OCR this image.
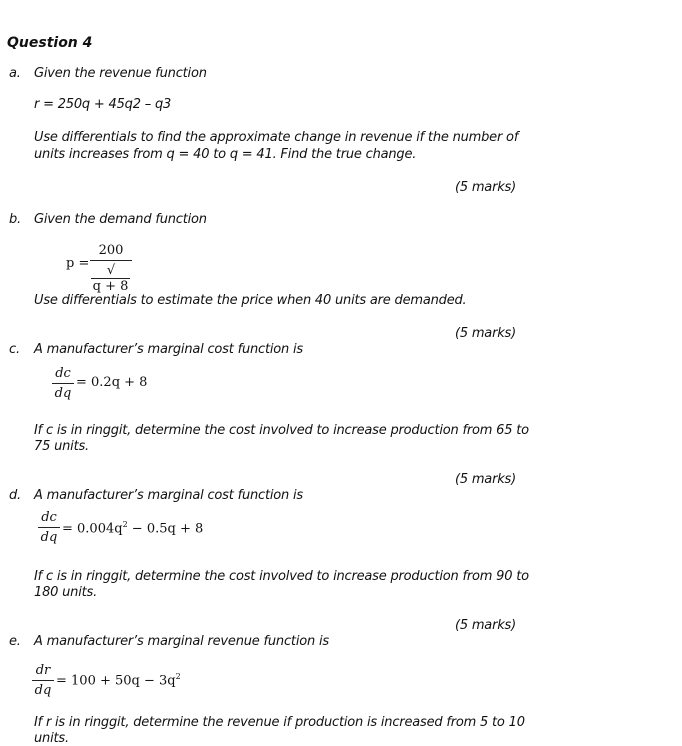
Question 4
a. Given the revenue function
r = 250q + 45q2 – q3
Use differentials to find the approximate change in revenue if the number of
units increases from q = 40 to q = 41. Find the true change.
(5 marks)
b. Given the demand function
p =
200
√q + 8
Use differentials to estimate the price when 40 units are demanded.
(5 marks)
c. A manufacturer’s marginal cost function is
dc
dq
= 0.2q + 8
If c is in ringgit, determine the cost involved to increase production from 65 to
75 units.
(5 marks)
d. A manufacturer’s marginal cost function is
dc
dq
= $0.004q^2 - 0.5q + 8$
If c is in ringgit, determine the cost involved to increase production from 90 to
180 units.
(5 marks)
e. A manufacturer’s marginal revenue function is
dr
dq
= $100 + 50q - 3q^2$
If r is in ringgit, determine the revenue if production is increased from 5 to 10
units.
